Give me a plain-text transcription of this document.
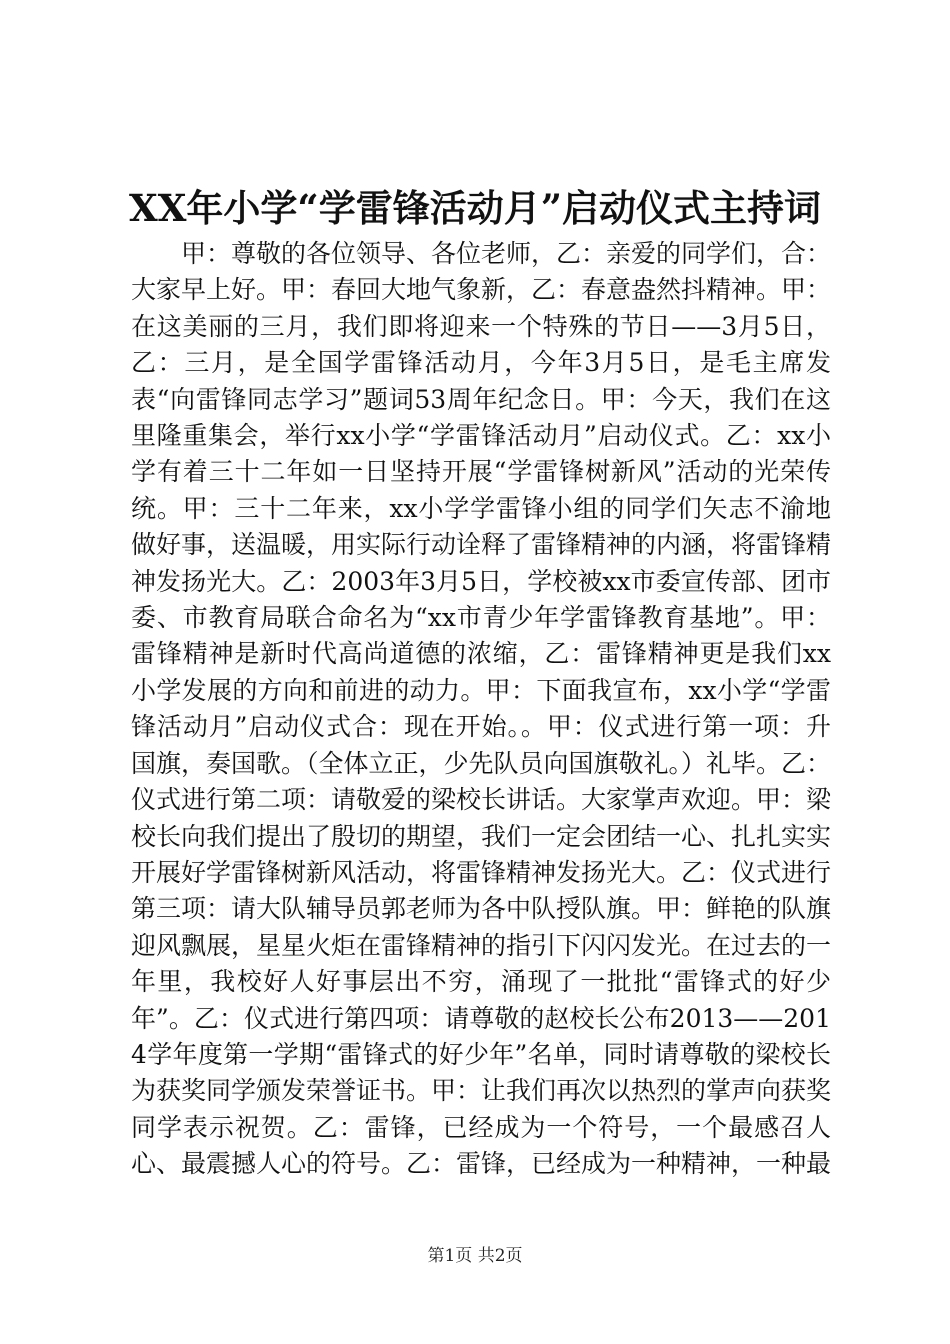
XX年小学“学雷锋活动月”启动仪式主持词

甲：尊敬的各位领导、各位老师，乙：亲爱的同学们，合：大家早上好。甲：春回大地气象新，乙：春意盎然抖精神。甲：在这美丽的三月，我们即将迎来一个特殊的节日——3月5日，乙：三月，是全国学雷锋活动月，今年3月5日，是毛主席发表“向雷锋同志学习”题词53周年纪念日。甲：今天，我们在这里隆重集会，举行xx小学“学雷锋活动月”启动仪式。乙：xx小学有着三十二年如一日坚持开展“学雷锋树新风”活动的光荣传统。甲：三十二年来，xx小学学雷锋小组的同学们矢志不渝地做好事，送温暖，用实际行动诠释了雷锋精神的内涵，将雷锋精神发扬光大。乙：2003年3月5日，学校被xx市委宣传部、团市委、市教育局联合命名为“xx市青少年学雷锋教育基地”。甲：雷锋精神是新时代高尚道德的浓缩，乙：雷锋精神更是我们xx小学发展的方向和前进的动力。甲：下面我宣布，xx小学“学雷锋活动月”启动仪式合：现在开始。。甲：仪式进行第一项：升国旗，奏国歌。（全体立正，少先队员向国旗敬礼。）礼毕。乙：仪式进行第二项：请敬爱的梁校长讲话。大家掌声欢迎。甲：梁校长向我们提出了殷切的期望，我们一定会团结一心、扎扎实实开展好学雷锋树新风活动，将雷锋精神发扬光大。乙：仪式进行第三项：请大队辅导员郭老师为各中队授队旗。甲：鲜艳的队旗迎风飘展，星星火炬在雷锋精神的指引下闪闪发光。在过去的一年里，我校好人好事层出不穷，涌现了一批批“雷锋式的好少年”。乙：仪式进行第四项：请尊敬的赵校长公布2013——2014学年度第一学期“雷锋式的好少年”名单，同时请尊敬的梁校长为获奖同学颁发荣誉证书。甲：让我们再次以热烈的掌声向获奖同学表示祝贺。乙：雷锋，已经成为一个符号，一个最感召人心、最震撼人心的符号。乙：雷锋，已经成为一种精神，一种最

第1页 共2页
